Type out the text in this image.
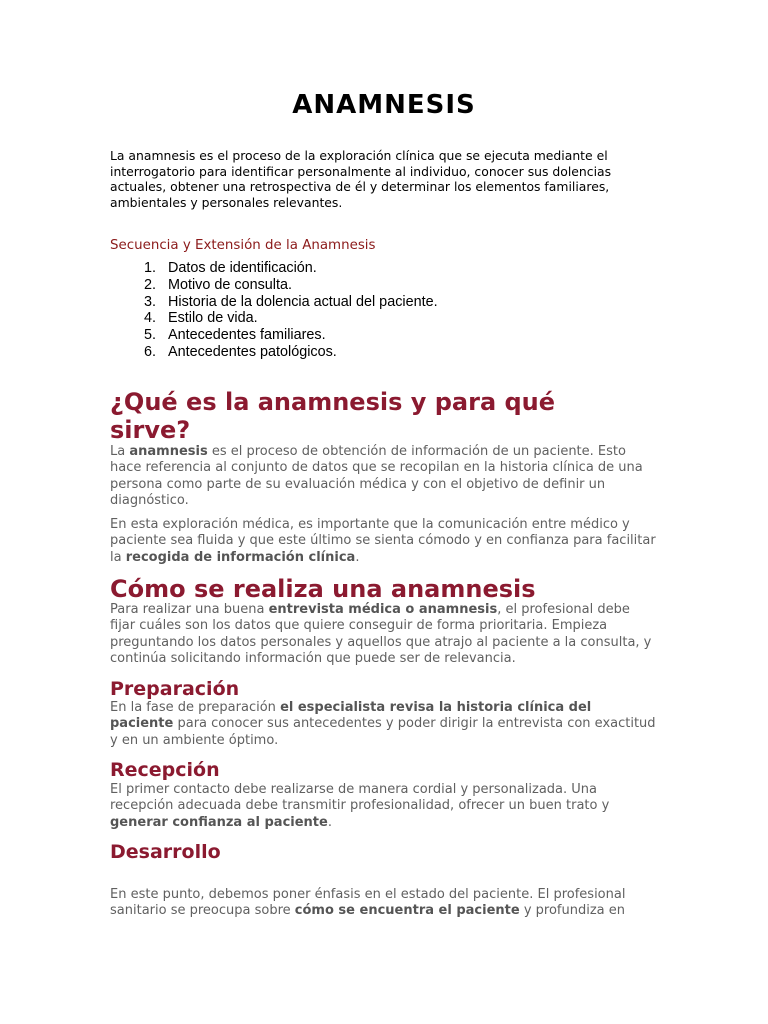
ANAMNESIS

La anamnesis es el proceso de la exploración clínica que se ejecuta mediante el interrogatorio para identificar personalmente al individuo, conocer sus dolencias actuales, obtener una retrospectiva de él y determinar los elementos familiares, ambientales y personales relevantes.

Secuencia y Extensión de la Anamnesis

1. Datos de identificación.
2. Motivo de consulta.
3. Historia de la dolencia actual del paciente.
4. Estilo de vida.
5. Antecedentes familiares.
6. Antecedentes patológicos.
¿Qué es la anamnesis y para qué
sirve?

La anamnesis es el proceso de obtención de información de un paciente. Esto hace referencia al conjunto de datos que se recopilan en la historia clínica de una persona como parte de su evaluación médica y con el objetivo de definir un diagnóstico.

En esta exploración médica, es importante que la comunicación entre médico y paciente sea fluida y que este último se sienta cómodo y en confianza para facilitar la recogida de información clínica.

Cómo se realiza una anamnesis

Para realizar una buena entrevista médica o anamnesis, el profesional debe fijar cuáles son los datos que quiere conseguir de forma prioritaria. Empieza preguntando los datos personales y aquellos que atrajo al paciente a la consulta, y continúa solicitando información que puede ser de relevancia.

Preparación

En la fase de preparación el especialista revisa la historia clínica del paciente para conocer sus antecedentes y poder dirigir la entrevista con exactitud y en un ambiente óptimo.

Recepción

El primer contacto debe realizarse de manera cordial y personalizada. Una recepción adecuada debe transmitir profesionalidad, ofrecer un buen trato y generar confianza al paciente.

Desarrollo

En este punto, debemos poner énfasis en el estado del paciente. El profesional sanitario se preocupa sobre cómo se encuentra el paciente y profundiza en
